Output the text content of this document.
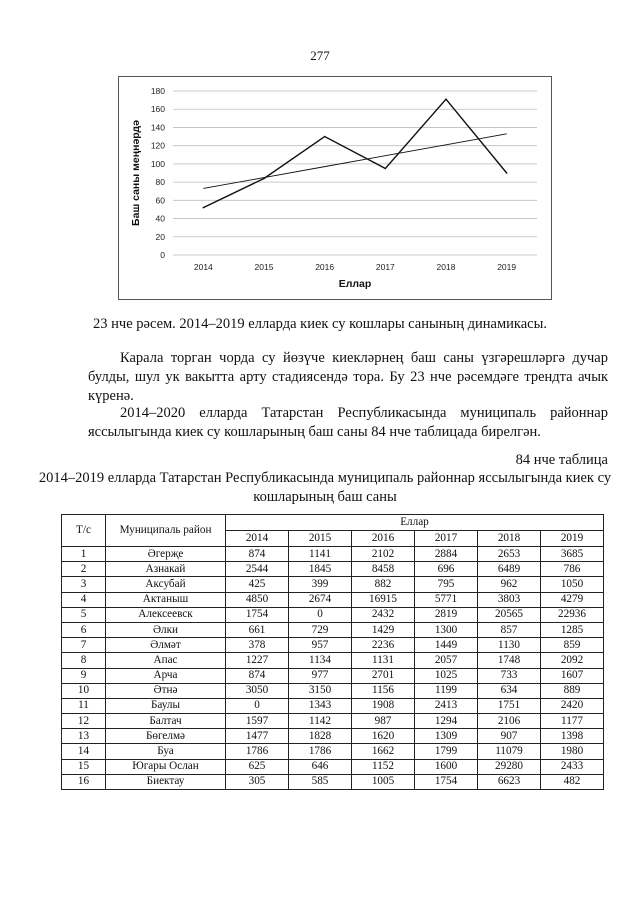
277
0
20
40
60
80
100
120
140
160
180
2014	2015	2016	2017	2018	2019
Еллар
Баш саны меңнәрдә
23 нче рәсем. 2014–2019 елларда киек су кошлары санының динамикасы.
Карала торган чорда су йөзүче киекләрнең баш саны үзгәрешләргә дучар булды, шул ук вакытта арту стадиясендә тора. Бу 23 нче рәсемдәге трендта ачык күренә.
2014–2020 елларда Татарстан Республикасында муниципаль районнар яссылыгында киек су кошларының баш саны 84 нче таблицада бирелгән.
84 нче таблица
2014–2019 елларда Татарстан Республикасында муниципаль районнар яссылыгында киек су кошларының баш саны
Т/с	Муниципаль район	Еллар					
		2014	2015	2016	2017	2018	2019
1	Әгерҗе	874	1141	2102	2884	2653	3685
2	Азнакай	2544	1845	8458	696	6489	786
3	Аксубай	425	399	882	795	962	1050
4	Актаныш	4850	2674	16915	5771	3803	4279
5	Алексеевск	1754	0	2432	2819	20565	22936
6	Әлки	661	729	1429	1300	857	1285
7	Әлмәт	378	957	2236	1449	1130	859
8	Апас	1227	1134	1131	2057	1748	2092
9	Арча	874	977	2701	1025	733	1607
10	Әтнә	3050	3150	1156	1199	634	889
11	Баулы	0	1343	1908	2413	1751	2420
12	Балтач	1597	1142	987	1294	2106	1177
13	Бөгелмә	1477	1828	1620	1309	907	1398
14	Буа	1786	1786	1662	1799	11079	1980
15	Югары Ослан	625	646	1152	1600	29280	2433
16	Биектау	305	585	1005	1754	6623	482
